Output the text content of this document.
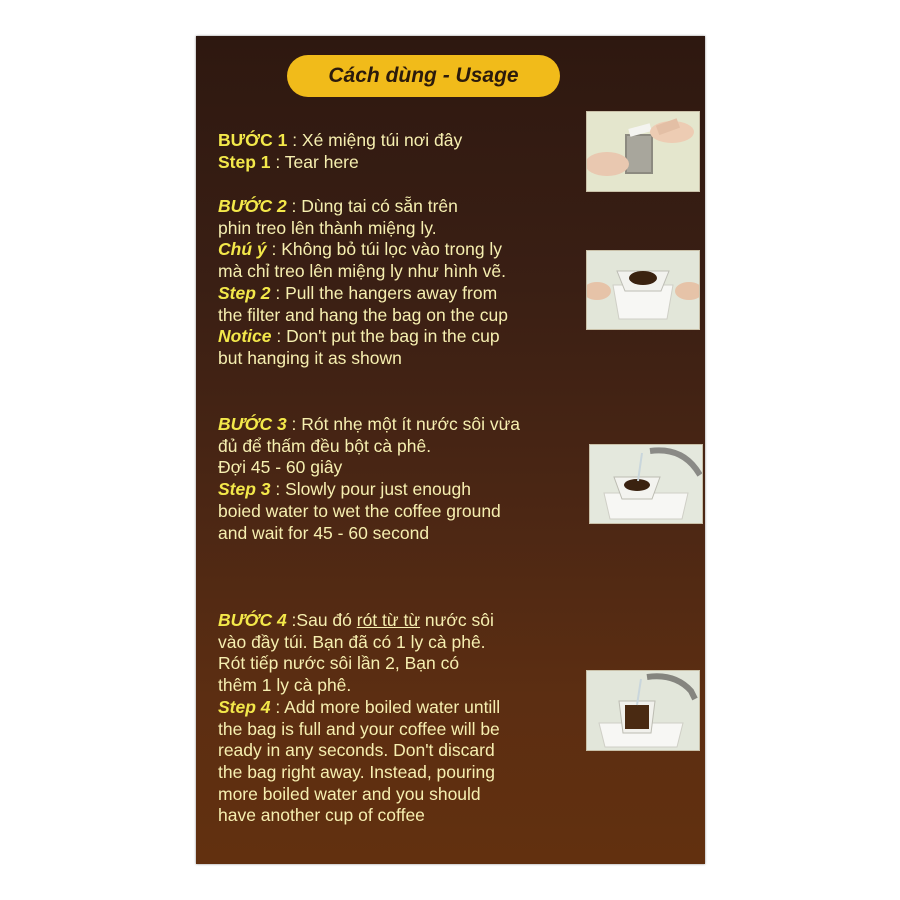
Cách dùng - Usage
BƯỚC 1 : Xé miệng túi nơi đây
Step 1 : Tear here
BƯỚC 2 : Dùng tai có sẵn trên
phin treo lên thành miệng ly.
Chú ý : Không bỏ túi lọc vào trong ly
mà chỉ treo lên miệng ly như hình vẽ.
Step 2 : Pull the hangers away from
the filter and hang the bag on the cup
Notice : Don't put the bag in the cup
but hanging it as shown
BƯỚC 3 : Rót nhẹ một ít nước sôi vừa
đủ để thấm đều bột cà phê.
Đợi 45 - 60 giây
Step 3 : Slowly pour just enough
boied water to wet the coffee ground
and wait for 45 - 60 second
BƯỚC 4 :Sau đó rót từ từ nước sôi
vào đầy túi. Bạn đã có 1 ly cà phê.
Rót tiếp nước sôi lần 2, Bạn có
thêm 1 ly cà phê.
Step 4 : Add more boiled water untill
the bag is full and your coffee will be
ready in any seconds. Don't discard
the bag right away. Instead, pouring
more boiled water and you should
have another cup of coffee
